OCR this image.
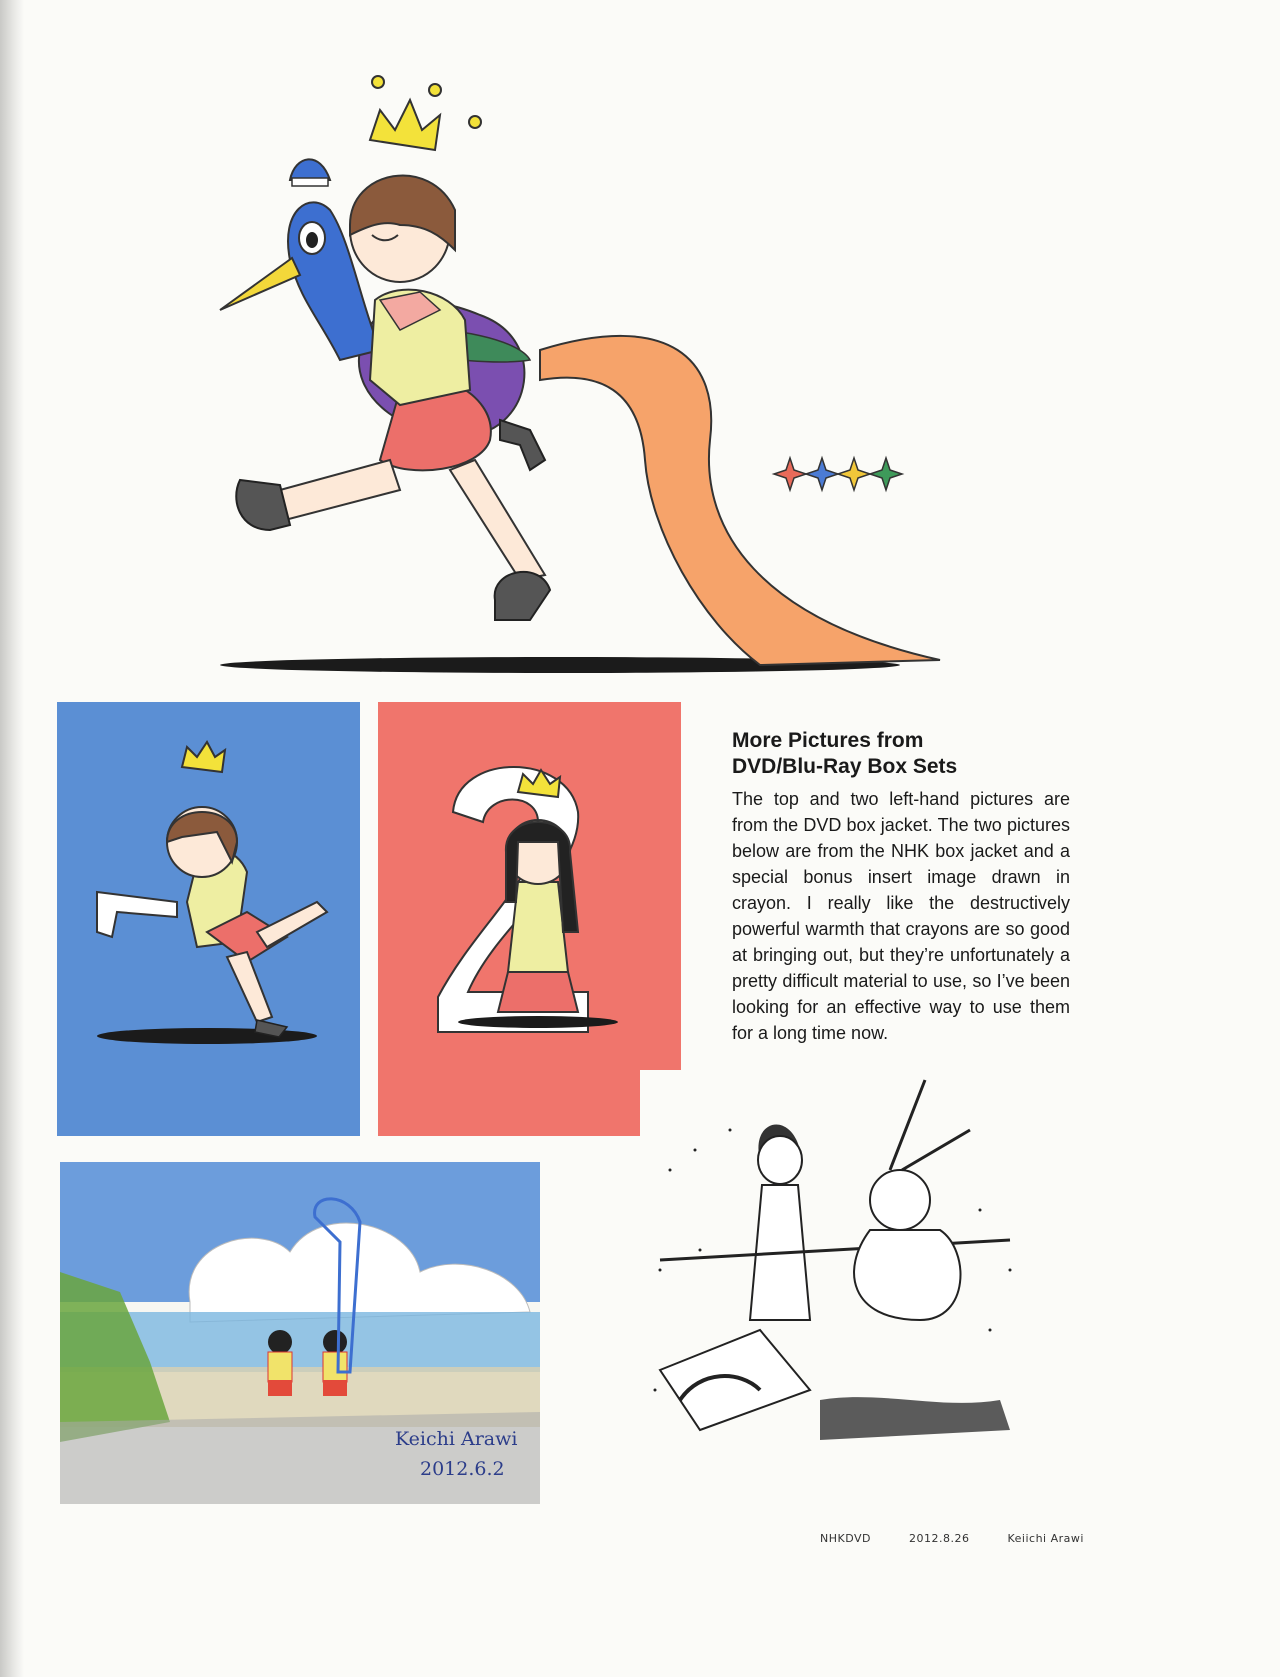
More Pictures from
DVD/Blu-Ray Box Sets

The top and two left-hand pictures are from the DVD box jacket. The two pictures below are from the NHK box jacket and a special bonus insert image drawn in crayon. I really like the destructively powerful warmth that crayons are so good at bringing out, but they’re unfortunately a pretty difficult material to use, so I’ve been looking for an effective way to use them for a long time now.

Keichi Arawi
2012.6.2
NHKDVD	2012.8.26	Keiichi Arawi
